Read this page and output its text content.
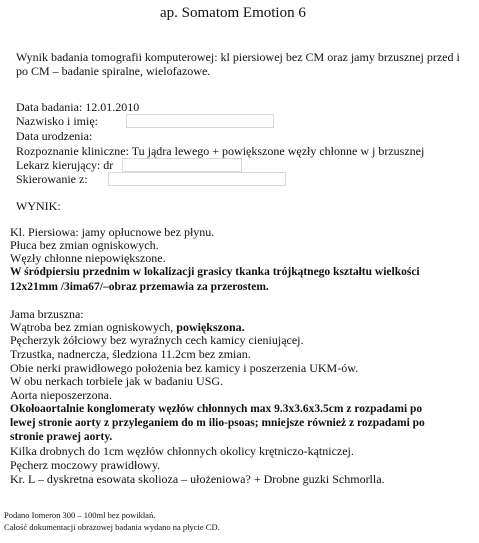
ap. Somatom Emotion 6
Wynik badania tomografii komputerowej: kl piersiowej bez CM oraz jamy brzusznej przed i
po CM – badanie spiralne, wielofazowe.
Data badania: 12.01.2010
Nazwisko i imię:
Data urodzenia:
Rozpoznanie kliniczne: Tu jądra lewego + powiększone węzły chłonne w j brzusznej
Lekarz kierujący: dr
Skierowanie z:
WYNIK:
Kl. Piersiowa: jamy opłucnowe bez płynu.
Płuca bez zmian ogniskowych.
Węzły chłonne niepowiększone.
W śródpiersiu przednim w lokalizacji grasicy tkanka trójkątnego kształtu wielkości
12x21mm /3ima67/–obraz przemawia za przerostem.
Jama brzuszna:
Wątroba bez zmian ogniskowych, powiększona.
Pęcherzyk żółciowy bez wyraźnych cech kamicy cieniującej.
Trzustka, nadnercza, śledziona 11.2cm bez zmian.
Obie nerki prawidłowego położenia bez kamicy i poszerzenia UKM-ów.
W obu nerkach torbiele jak w badaniu USG.
Aorta nieposzerzona.
Okołoaortalnie konglomeraty węzłów chłonnych max 9.3x3.6x3.5cm z rozpadami po
lewej stronie aorty z przyleganiem do m ilio-psoas; mniejsze również z rozpadami po
stronie prawej aorty.
Kilka drobnych do 1cm węzłów chłonnych okolicy krętniczo-kątniczej.
Pęcherz moczowy prawidłowy.
Kr. L – dyskretna esowata skolioza – ułożeniowa? + Drobne guzki Schmorlla.
Podano Iomeron 300 – 100ml bez powikłań.
Całość dokumentacji obrazowej badania wydano na płycie CD.
